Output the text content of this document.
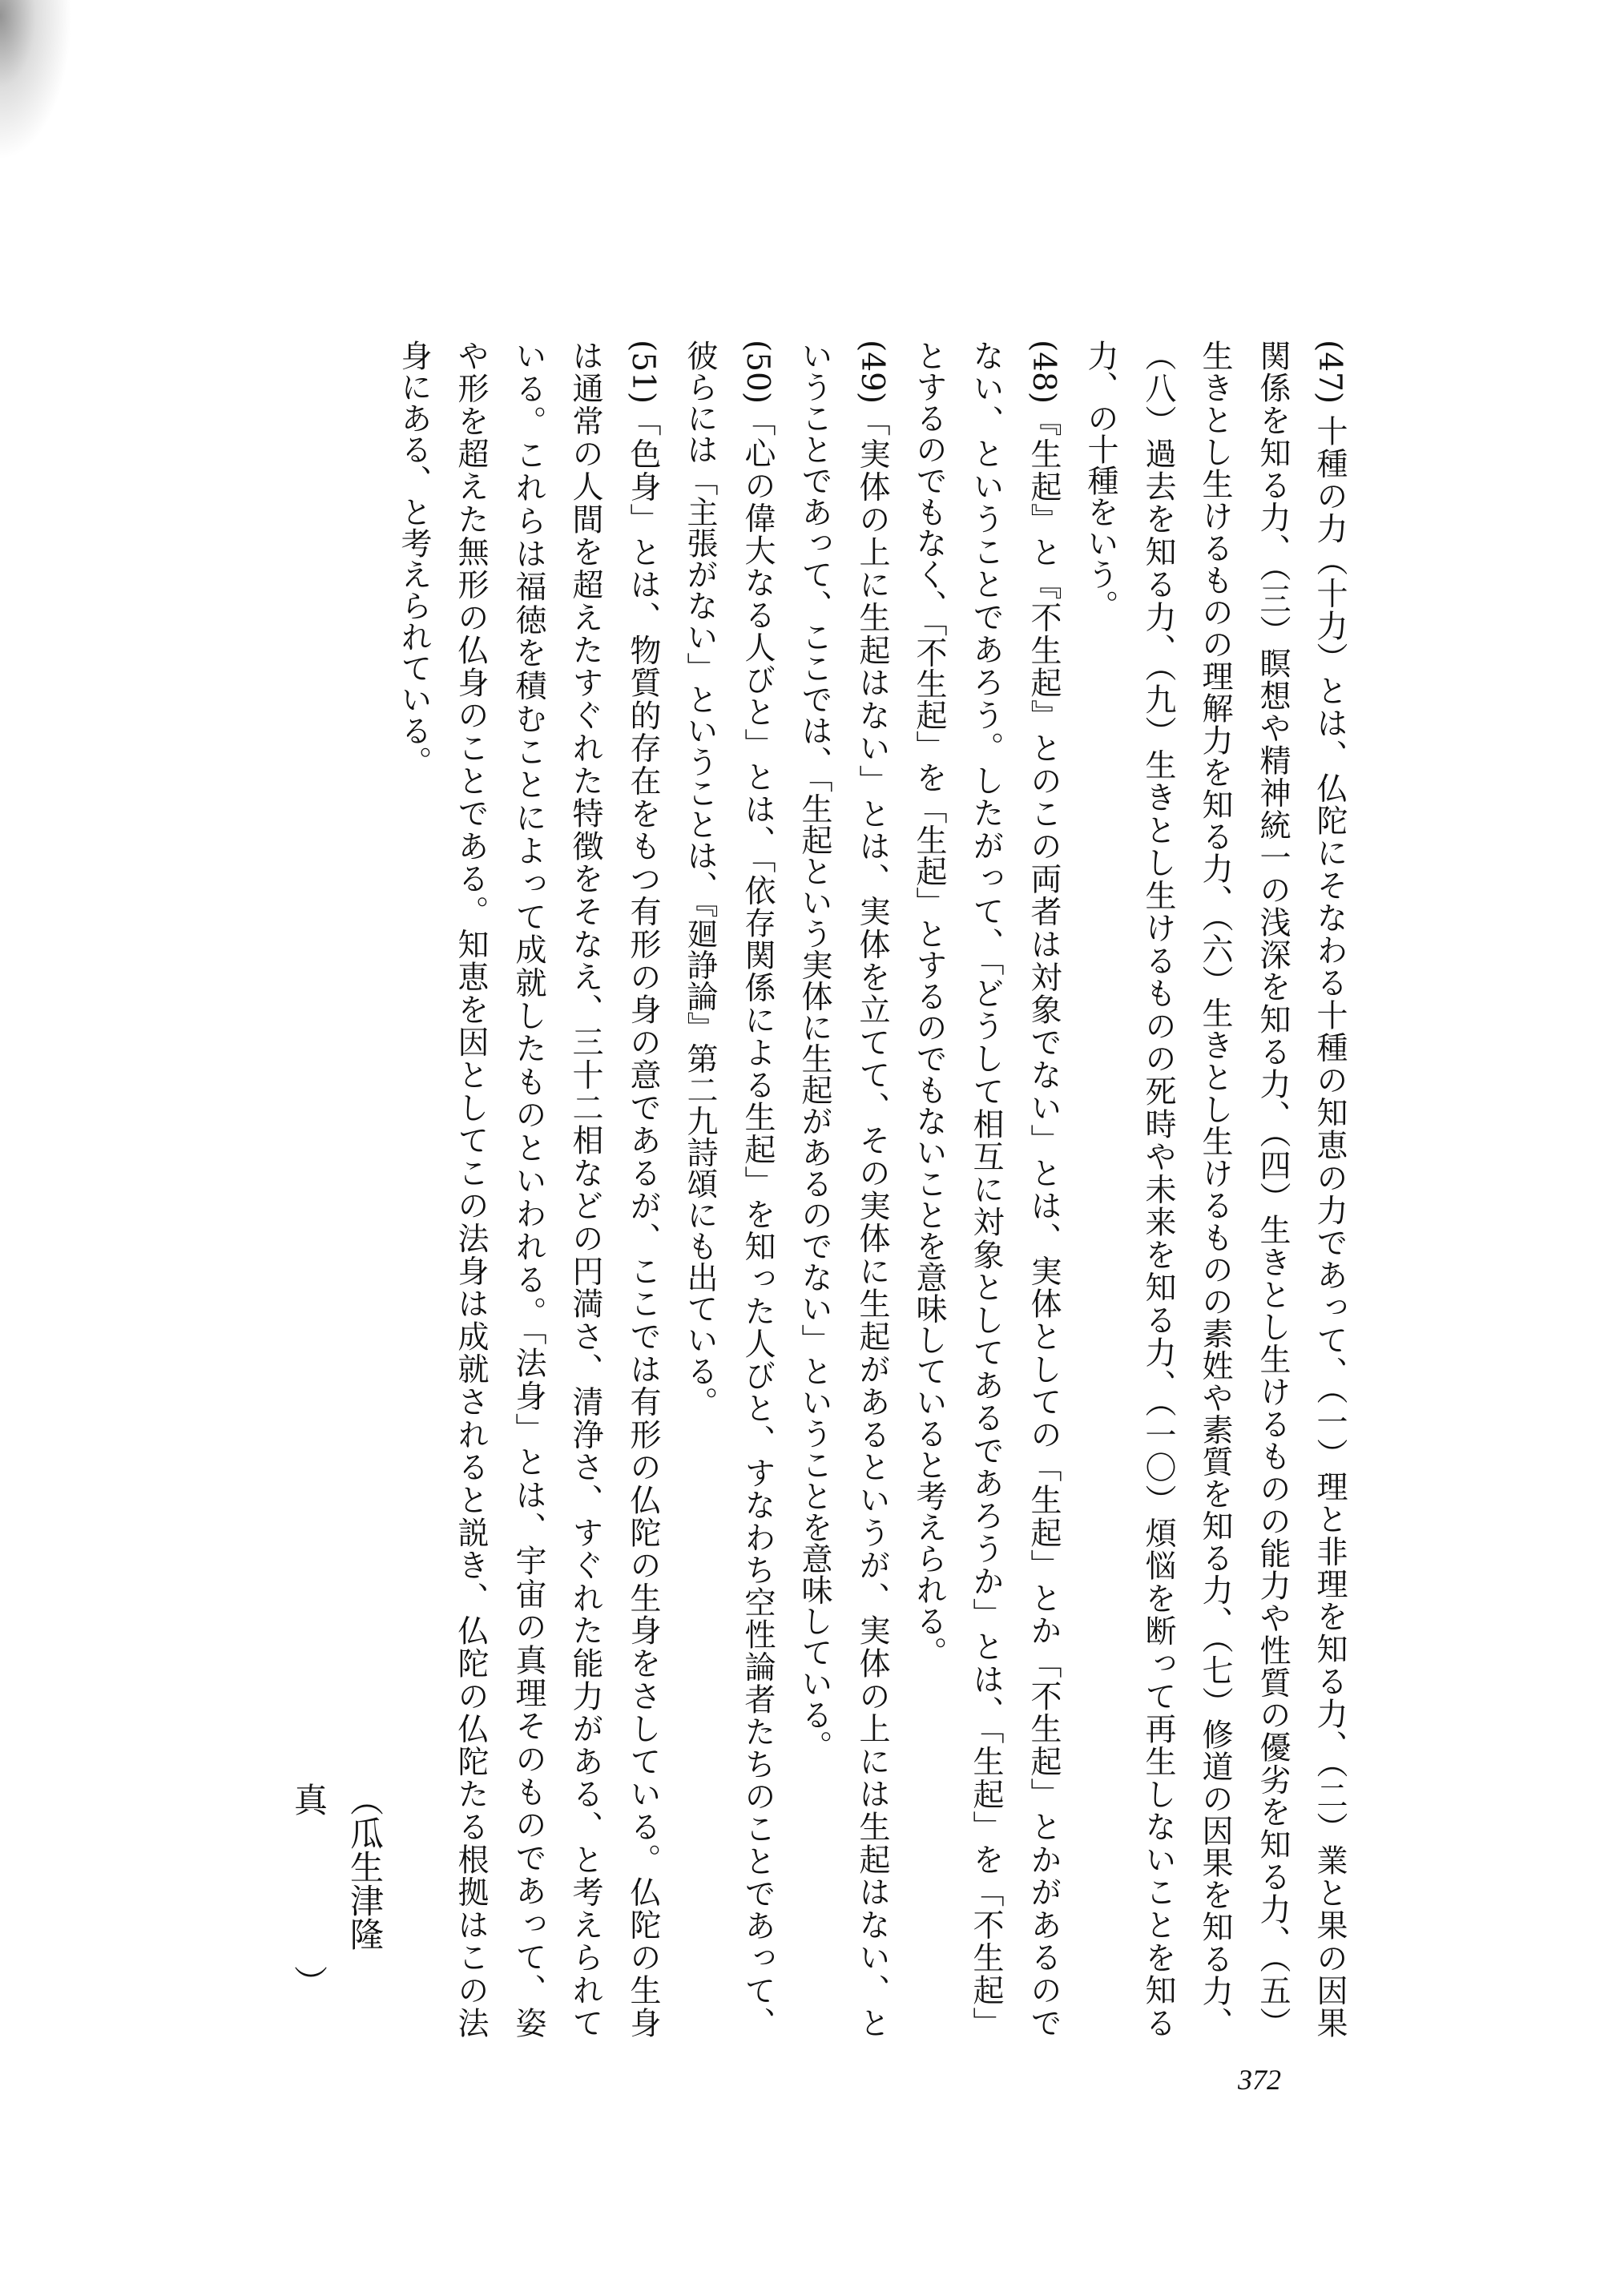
(47) 十種の力（十力）とは、仏陀にそなわる十種の知恵の力であって、（一）理と非理を知る力、（二）業と果の因果
関係を知る力、（三）瞑想や精神統一の浅深を知る力、（四）生きとし生けるものの能力や性質の優劣を知る力、（五）
生きとし生けるものの理解力を知る力、（六）生きとし生けるものの素姓や素質を知る力、（七）修道の因果を知る力、
（八）過去を知る力、（九）生きとし生けるものの死時や未来を知る力、（一〇）煩悩を断って再生しないことを知る
力、の十種をいう。
(48)『生起』と『不生起』とのこの両者は対象でない」とは、実体としての「生起」とか「不生起」とかがあるので
ない、ということであろう。したがって、「どうして相互に対象としてあるであろうか」とは、「生起」を「不生起」
とするのでもなく、「不生起」を「生起」とするのでもないことを意味していると考えられる。
(49)「実体の上に生起はない」とは、実体を立てて、その実体に生起があるというが、実体の上には生起はない、と
いうことであって、ここでは、「生起という実体に生起があるのでない」ということを意味している。
(50)「心の偉大なる人びと」とは、「依存関係による生起」を知った人びと、すなわち空性論者たちのことであって、
彼らには「主張がない」ということは、『廻諍論』第二九詩頌にも出ている。
(51)「色身」とは、物質的存在をもつ有形の身の意であるが、ここでは有形の仏陀の生身をさしている。仏陀の生身
は通常の人間を超えたすぐれた特徴をそなえ、三十二相などの円満さ、清浄さ、すぐれた能力がある、と考えられて
いる。これらは福徳を積むことによって成就したものといわれる。「法身」とは、宇宙の真理そのものであって、姿
や形を超えた無形の仏身のことである。知恵を因としてこの法身は成就されると説き、仏陀の仏陀たる根拠はこの法
身にある、と考えられている。
（瓜生津隆真）
372
